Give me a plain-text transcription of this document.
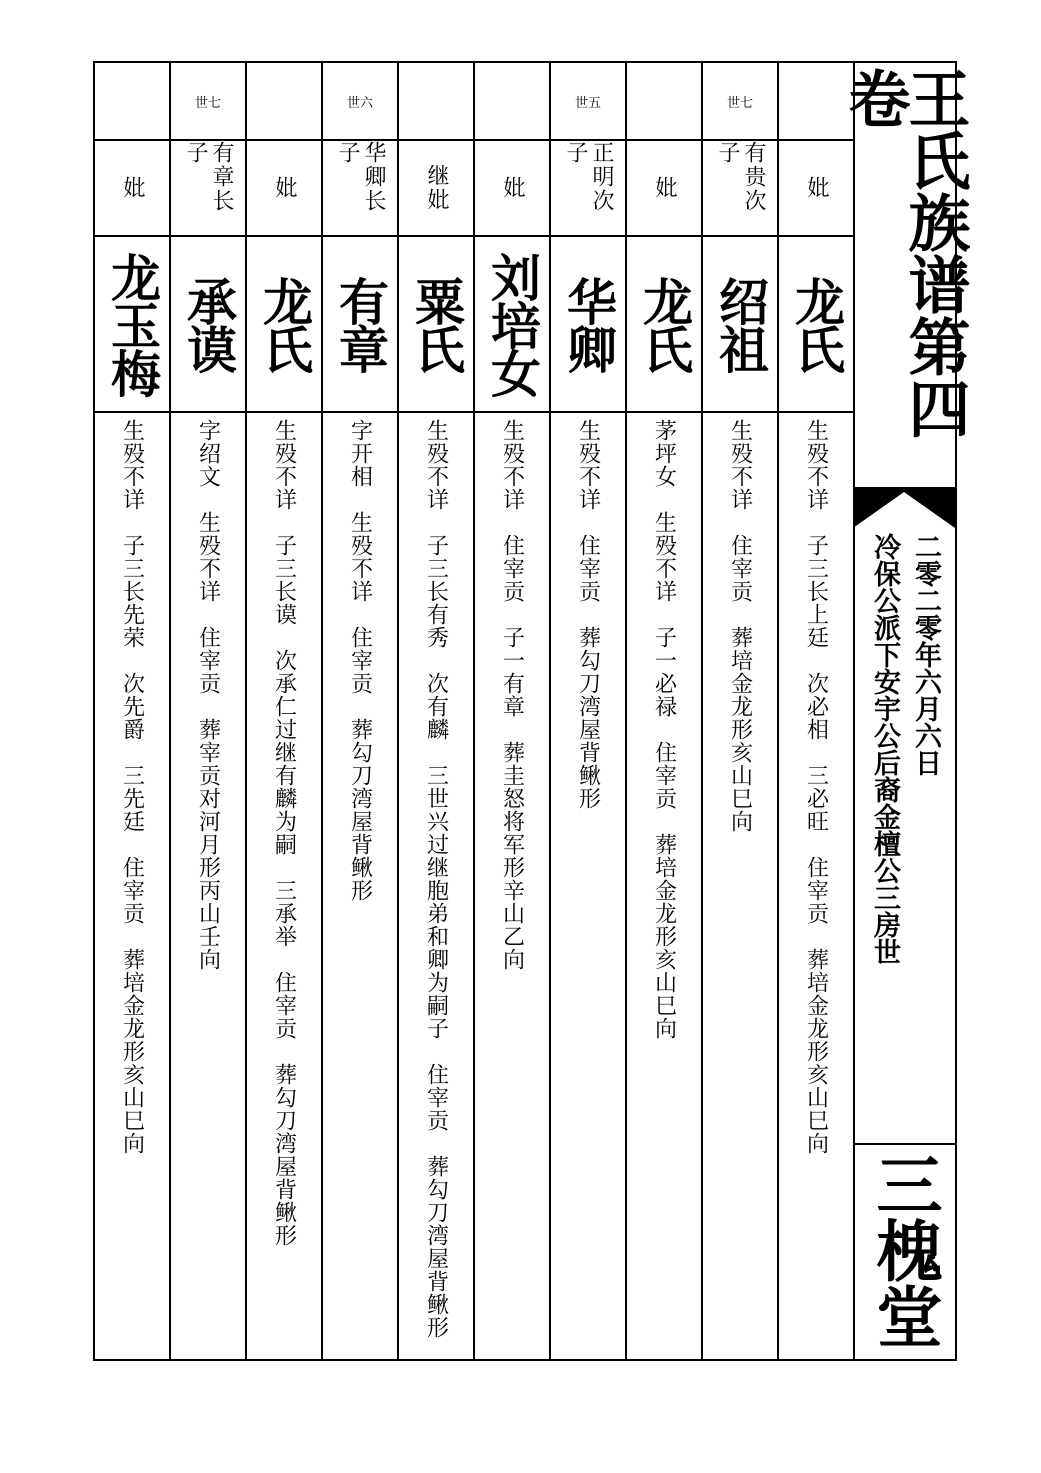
妣
龙氏
生殁不详　子三长上廷　次必相　三必旺　住宰贡　葬培金龙形亥山巳向
世七
有贵次子
绍祖
生殁不详　住宰贡　葬培金龙形亥山巳向
妣
龙氏
茅坪女　生殁不详　子一必禄　住宰贡　葬培金龙形亥山巳向
世五
正明次子
华卿
生殁不详　住宰贡　葬勾刀湾屋背鳅形
妣
刘培女
生殁不详　住宰贡　子一有章　葬圭怒将军形辛山乙向
继妣
粟氏
生殁不详　子三长有秀　次有麟　三世兴过继胞弟和卿为嗣子　住宰贡　葬勾刀湾屋背鳅形
世六
华卿长子
有章
字开相　生殁不详　住宰贡　葬勾刀湾屋背鳅形
妣
龙氏
生殁不详　子三长谟　次承仁过继有麟为嗣　三承举　住宰贡　葬勾刀湾屋背鳅形
世七
有章长子
承谟
字绍文　生殁不详　住宰贡　葬宰贡对河月形丙山壬向
妣
龙玉梅
生殁不详　子三长先荣　次先爵　三先廷　住宰贡　葬培金龙形亥山巳向
王氏族谱第四卷
冷保公派下安宇公后裔金檀公三房世 二零二零年六月六日
三槐堂
